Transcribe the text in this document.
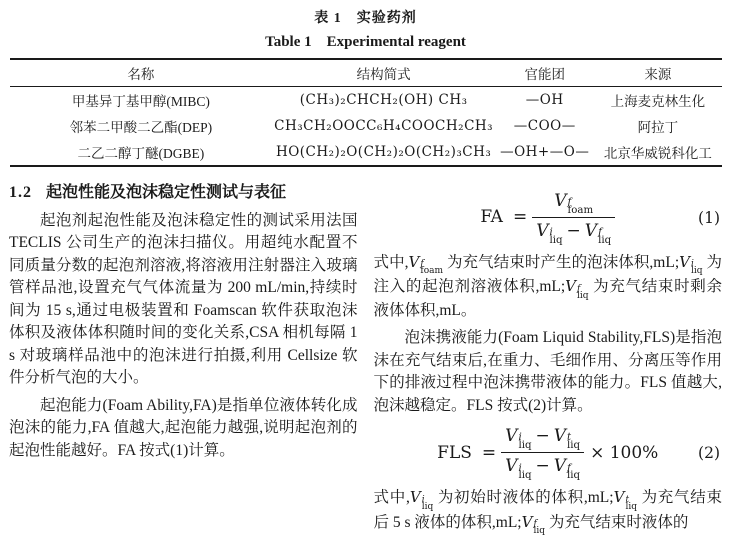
表 1　实验药剂
Table 1　Experimental reagent
名称	结构简式	官能团	来源
甲基异丁基甲醇(MIBC)	(CH₃)₂CHCH₂(OH) CH₃	—OH	上海麦克林生化
邻苯二甲酸二乙酯(DEP)	CH₃CH₂OOCC₆H₄COOCH₂CH₃	—COO—	阿拉丁
二乙二醇丁醚(DGBE)	HO(CH₂)₂O(CH₂)₂O(CH₂)₃CH₃	—OH+—O—	北京华威锐科化工
1.2 起泡性能及泡沫稳定性测试与表征

起泡剂起泡性能及泡沫稳定性的测试采用法国 TECLIS 公司生产的泡沫扫描仪。用超纯水配置不同质量分数的起泡剂溶液,将溶液用注射器注入玻璃管样品池,设置充气气体流量为 200 mL/min,持续时间为 15 s,通过电极装置和 Foamscan 软件获取泡沫体积及液体体积随时间的变化关系,CSA 相机每隔 1 s 对玻璃样品池中的泡沫进行拍摄,利用 Cellsize 软件分析气泡的大小。

起泡能力(Foam Ability,FA)是指单位液体转化成泡沫的能力,FA 值越大,起泡能力越强,说明起泡剂的起泡性能越好。FA 按式(1)计算。

FA = V f
foam
V i
liq − V f
liq	(1)

式中,V f
foam
为充气结束时产生的泡沫体积,mL;V i
liq
为注入的起泡剂溶液体积,mL;V f
liq
为充气结束时剩余液体体积,mL。

泡沫携液能力(Foam Liquid Stability,FLS)是指泡沫在充气结束后,在重力、毛细作用、分离压等作用下的排液过程中泡沫携带液体的能力。FLS 值越大,泡沫越稳定。FLS 按式(2)计算。

FLS = V i
liq − V t
liq
V i
liq − V f
liq × 100%	(2)

式中,V i
liq
为初始时液体的体积,mL;V t
liq
为充气结束后 5 s 液体的体积,mL;V f
liq
为充气结束时液体的
